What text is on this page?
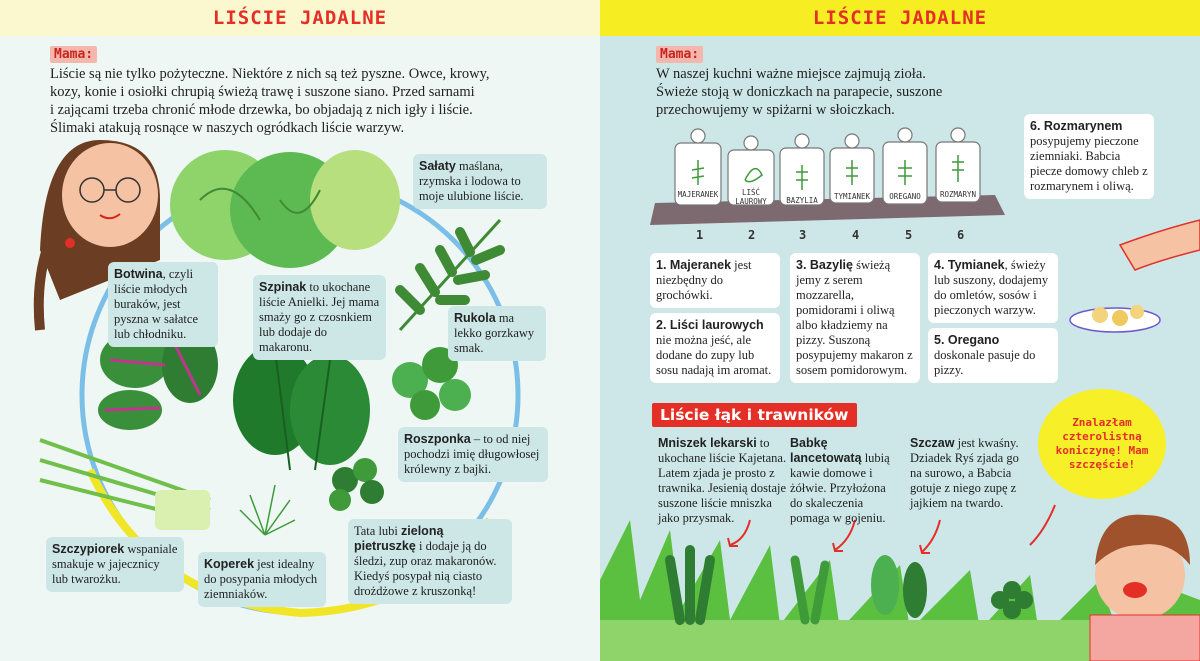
LIŚCIE JADALNE
Mama:
Liście są nie tylko pożyteczne. Niektóre z nich są też pyszne. Owce, krowy,
kozy, konie i osiołki chrupią świeżą trawę i suszone siano. Przed sarnami
i zającami trzeba chronić młode drzewka, bo objadają z nich igły i liście.
Ślimaki atakują rosnące w naszych ogródkach liście warzyw.
Sałaty maślana, rzymska i lodowa to moje ulubione liście.
Botwina, czyli liście młodych buraków, jest pyszna w sałatce lub chłodniku.
Szpinak to ukochane liście Anielki. Jej mama smaży go z czosnkiem lub dodaje do makaronu.
Rukola ma lekko gorzkawy smak.
Roszponka – to od niej pochodzi imię długowłosej królewny z bajki.
Szczypiorek wspaniale smakuje w jajecznicy lub twarożku.
Koperek jest idealny do posypania młodych ziemniaków.
Tata lubi zieloną pietruszkę i dodaje ją do śledzi, zup oraz makaronów. Kiedyś posypał nią ciasto drożdżowe z kruszonką!
LIŚCIE JADALNE
Mama:
W naszej kuchni ważne miejsce zajmują zioła.
Świeże stoją w doniczkach na parapecie, suszone
przechowujemy w spiżarni w słoiczkach.
MAJERANEK	LIŚĆ LAUROWY	BAZYLIA	TYMIANEK	OREGANO	ROZMARYN
1	2	3	4	5	6
1. Majeranek jest niezbędny do grochówki.
2. Liści laurowych nie można jeść, ale dodane do zupy lub sosu nadają im aromat.
3. Bazylię świeżą jemy z serem mozzarella, pomidorami i oliwą albo kładziemy na pizzy. Suszoną posypujemy makaron z sosem pomidorowym.
4. Tymianek, świeży lub suszony, dodajemy do omletów, sosów i pieczonych warzyw.
5. Oregano doskonale pasuje do pizzy.
6. Rozmarynem posypujemy pieczone ziemniaki. Babcia piecze domowy chleb z rozmarynem i oliwą.
Mniszek lekarski to ukochane liście Kajetana. Latem zjada je prosto z trawnika. Jesienią dostaje suszone liście mniszka jako przysmak.
Babkę lancetowatą lubią kawie domowe i żółwie. Przyłożona do skaleczenia pomaga w gojeniu.
Szczaw jest kwaśny. Dziadek Ryś zjada go na surowo, a Babcia gotuje z niego zupę z jajkiem na twardo.
Liście łąk i trawników	Znalazłam czterolistną koniczynę! Mam szczęście!
